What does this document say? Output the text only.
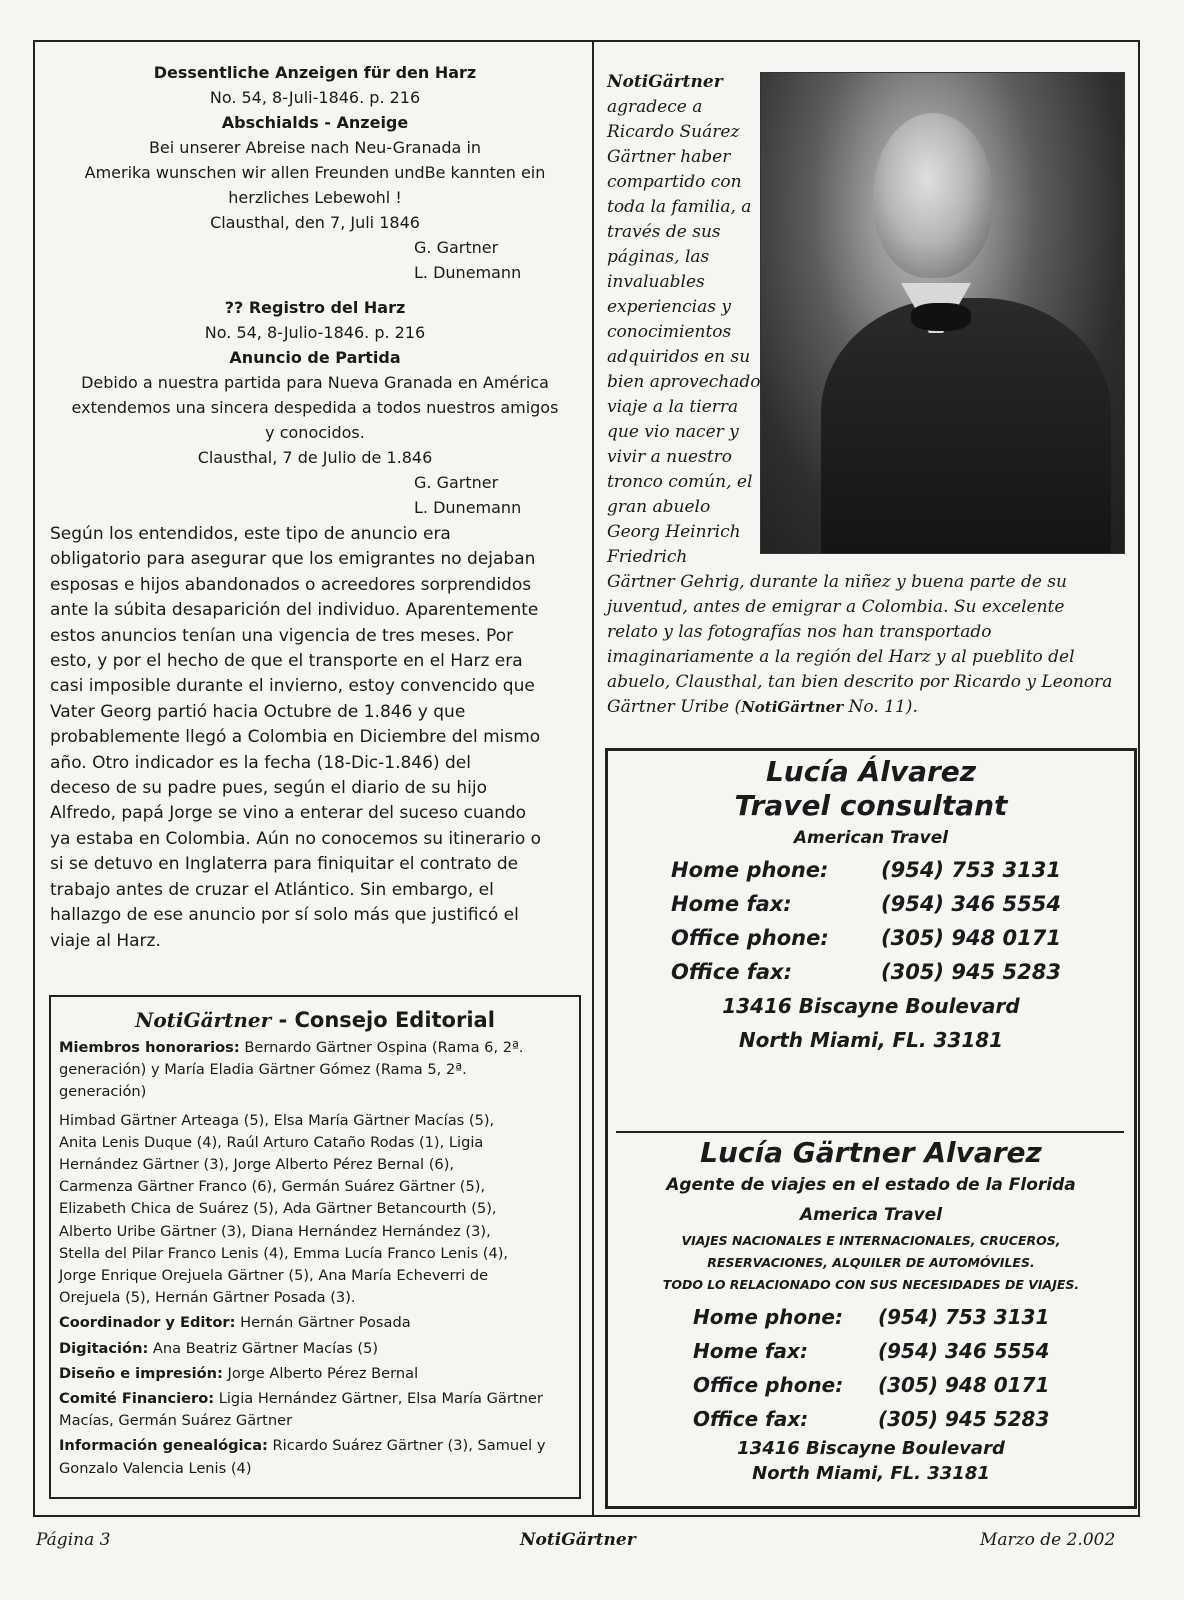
Dessentliche Anzeigen für den Harz
No. 54, 8-Juli-1846. p. 216
Abschialds - Anzeige
Bei unserer Abreise nach Neu-Granada in
Amerika wunschen wir allen Freunden undBe kannten ein
herzliches Lebewohl !
Clausthal, den 7, Juli 1846
G. Gartner
L. Dunemann
?? Registro del Harz
No. 54, 8-Julio-1846. p. 216
Anuncio de Partida
Debido a nuestra partida para Nueva Granada en América
extendemos una sincera despedida a todos nuestros amigos
y conocidos.
Clausthal, 7 de Julio de 1.846
G. Gartner
L. Dunemann
Según los entendidos, este tipo de anuncio era
obligatorio para asegurar que los emigrantes no dejaban
esposas e hijos abandonados o acreedores sorprendidos
ante la súbita desaparición del individuo. Aparentemente
estos anuncios tenían una vigencia de tres meses. Por
esto, y por el hecho de que el transporte en el Harz era
casi imposible durante el invierno, estoy convencido que
Vater Georg partió hacia Octubre de 1.846 y que
probablemente llegó a Colombia en Diciembre del mismo
año. Otro indicador es la fecha (18-Dic-1.846) del
deceso de su padre pues, según el diario de su hijo
Alfredo, papá Jorge se vino a enterar del suceso cuando
ya estaba en Colombia. Aún no conocemos su itinerario o
si se detuvo en Inglaterra para finiquitar el contrato de
trabajo antes de cruzar el Atlántico. Sin embargo, el
hallazgo de ese anuncio por sí solo más que justificó el
viaje al Harz.
NotiGärtner - Consejo Editorial

Miembros honorarios: Bernardo Gärtner Ospina (Rama 6, 2ª.
generación) y María Eladia Gärtner Gómez (Rama 5, 2ª.
generación)

Himbad Gärtner Arteaga (5), Elsa María Gärtner Macías (5),
Anita Lenis Duque (4), Raúl Arturo Cataño Rodas (1), Ligia
Hernández Gärtner (3), Jorge Alberto Pérez Bernal (6),
Carmenza Gärtner Franco (6), Germán Suárez Gärtner (5),
Elizabeth Chica de Suárez (5), Ada Gärtner Betancourth (5),
Alberto Uribe Gärtner (3), Diana Hernández Hernández (3),
Stella del Pilar Franco Lenis (4), Emma Lucía Franco Lenis (4),
Jorge Enrique Orejuela Gärtner (5), Ana María Echeverri de
Orejuela (5), Hernán Gärtner Posada (3).

Coordinador y Editor: Hernán Gärtner Posada

Digitación: Ana Beatriz Gärtner Macías (5)

Diseño e impresión: Jorge Alberto Pérez Bernal

Comité Financiero: Ligia Hernández Gärtner, Elsa María Gärtner
Macías, Germán Suárez Gärtner

Información genealógica: Ricardo Suárez Gärtner (3), Samuel y
Gonzalo Valencia Lenis (4)

NotiGärtner
agradece a
Ricardo Suárez
Gärtner haber
compartido con
toda la familia, a
través de sus
páginas, las
invaluables
experiencias y
conocimientos
adquiridos en su
bien aprovechado
viaje a la tierra
que vio nacer y
vivir a nuestro
tronco común, el
gran abuelo
Georg Heinrich
Friedrich
Gärtner Gehrig, durante la niñez y buena parte de su
juventud, antes de emigrar a Colombia. Su excelente
relato y las fotografías nos han transportado
imaginariamente a la región del Harz y al pueblito del
abuelo, Clausthal, tan bien descrito por Ricardo y Leonora
Gärtner Uribe (NotiGärtner No. 11).
Lucía Álvarez
Travel consultant
American Travel
Home phone:	(954) 753 3131
Home fax:	(954) 346 5554
Office phone:	(305) 948 0171
Office fax:	(305) 945 5283
13416 Biscayne Boulevard
North Miami, FL. 33181
Lucía Gärtner Alvarez
Agente de viajes en el estado de la Florida
America Travel
VIAJES NACIONALES E INTERNACIONALES, CRUCEROS,
RESERVACIONES, ALQUILER DE AUTOMÓVILES.
TODO LO RELACIONADO CON SUS NECESIDADES DE VIAJES.
Home phone:	(954) 753 3131
Home fax:	(954) 346 5554
Office phone:	(305) 948 0171
Office fax:	(305) 945 5283
13416 Biscayne Boulevard
North Miami, FL. 33181
Página 3	NotiGärtner	Marzo de 2.002
